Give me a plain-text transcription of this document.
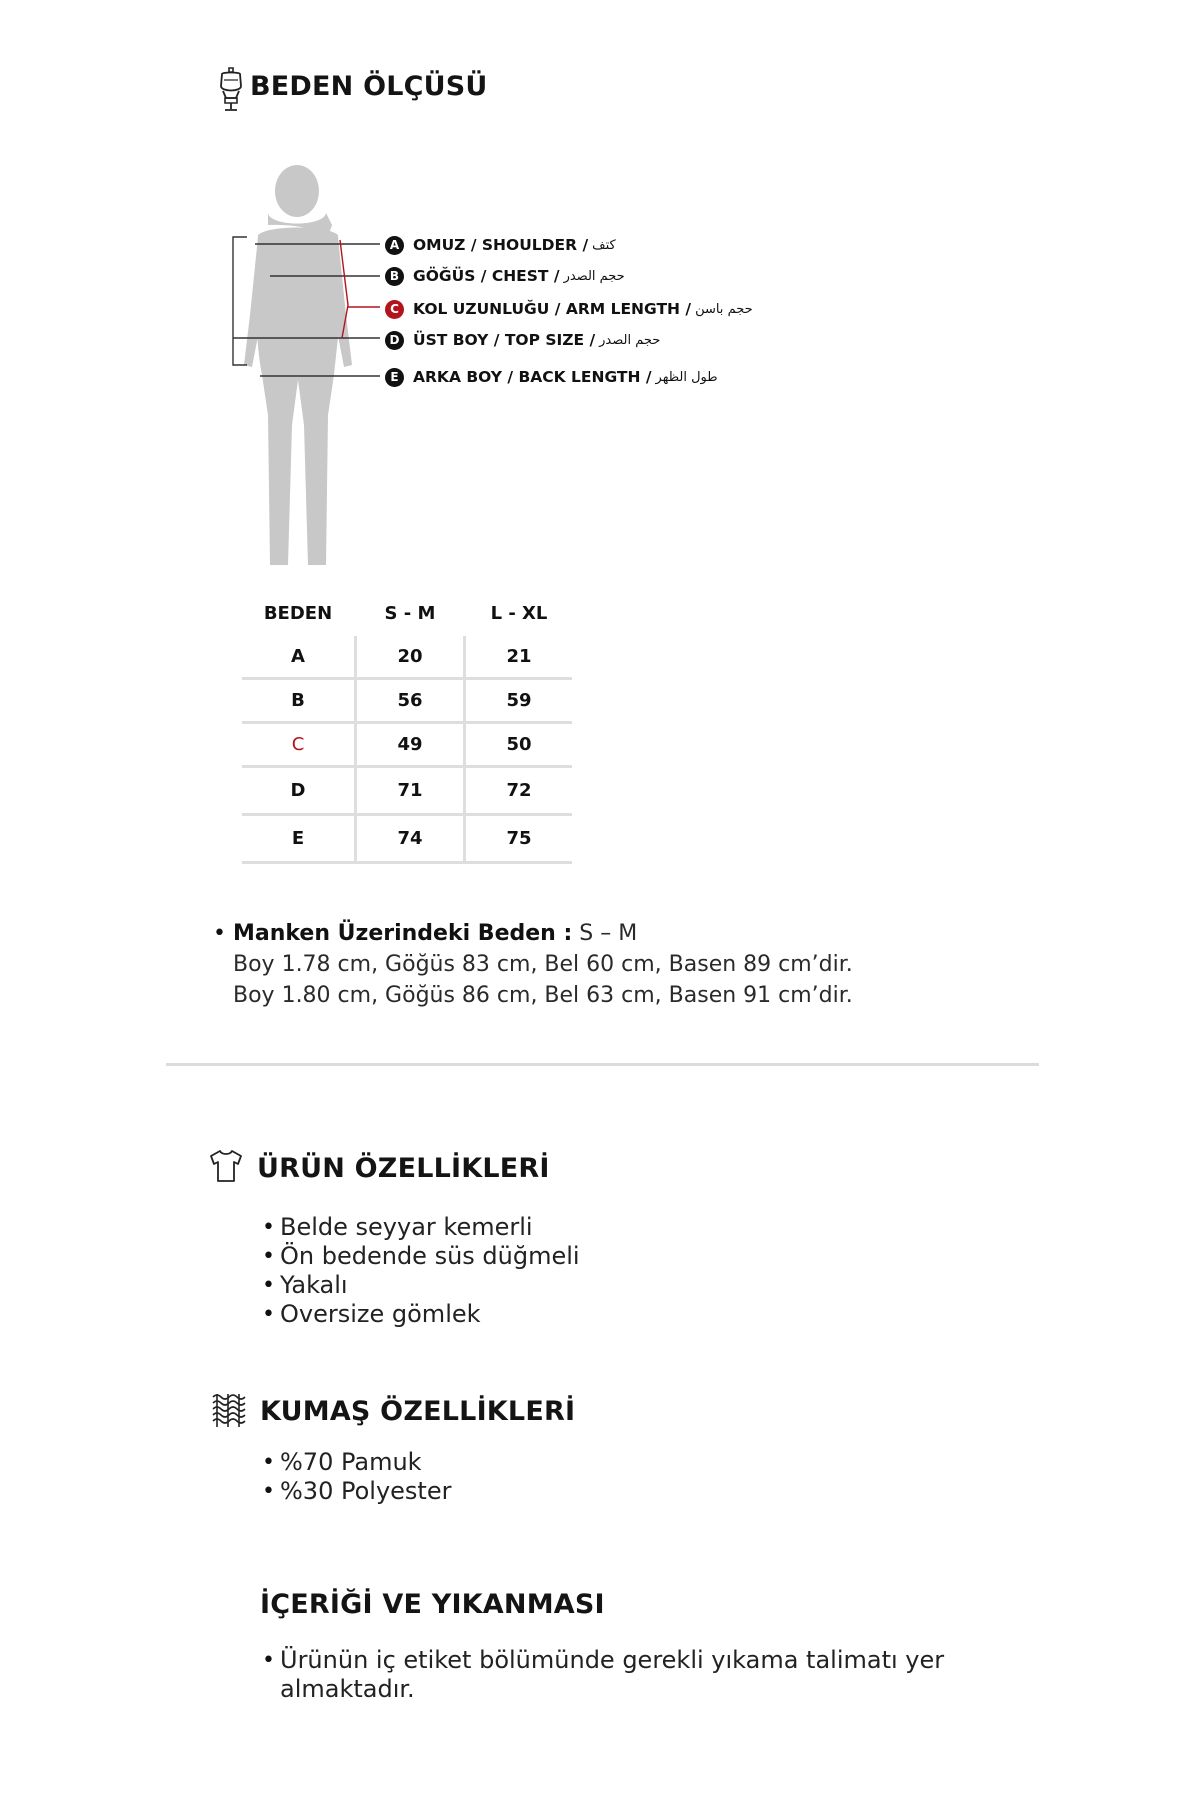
BEDEN ÖLÇÜSÜ
A OMUZ / SHOULDER / كتف
B GÖĞÜS / CHEST / حجم الصدر
C KOL UZUNLUĞU / ARM LENGTH / حجم باسن
D ÜST BOY / TOP SIZE / حجم الصدر
E ARKA BOY / BACK LENGTH / طول الظهر
BEDEN	S - M	L - XL
A	20	21
B	56	59
C	49	50
D	71	72
E	74	75
• Manken Üzerindeki Beden : S – M
Boy 1.78 cm, Göğüs 83 cm, Bel 60 cm, Basen 89 cm’dir.
Boy 1.80 cm, Göğüs 86 cm, Bel 63 cm, Basen 91 cm’dir.
ÜRÜN ÖZELLİKLERİ
• Belde seyyar kemerli
• Ön bedende süs düğmeli
• Yakalı
• Oversize gömlek
KUMAŞ ÖZELLİKLERİ
• %70 Pamuk
• %30 Polyester
İÇERİĞİ VE YIKANMASI
• Ürünün iç etiket bölümünde gerekli yıkama talimatı yer almaktadır.
